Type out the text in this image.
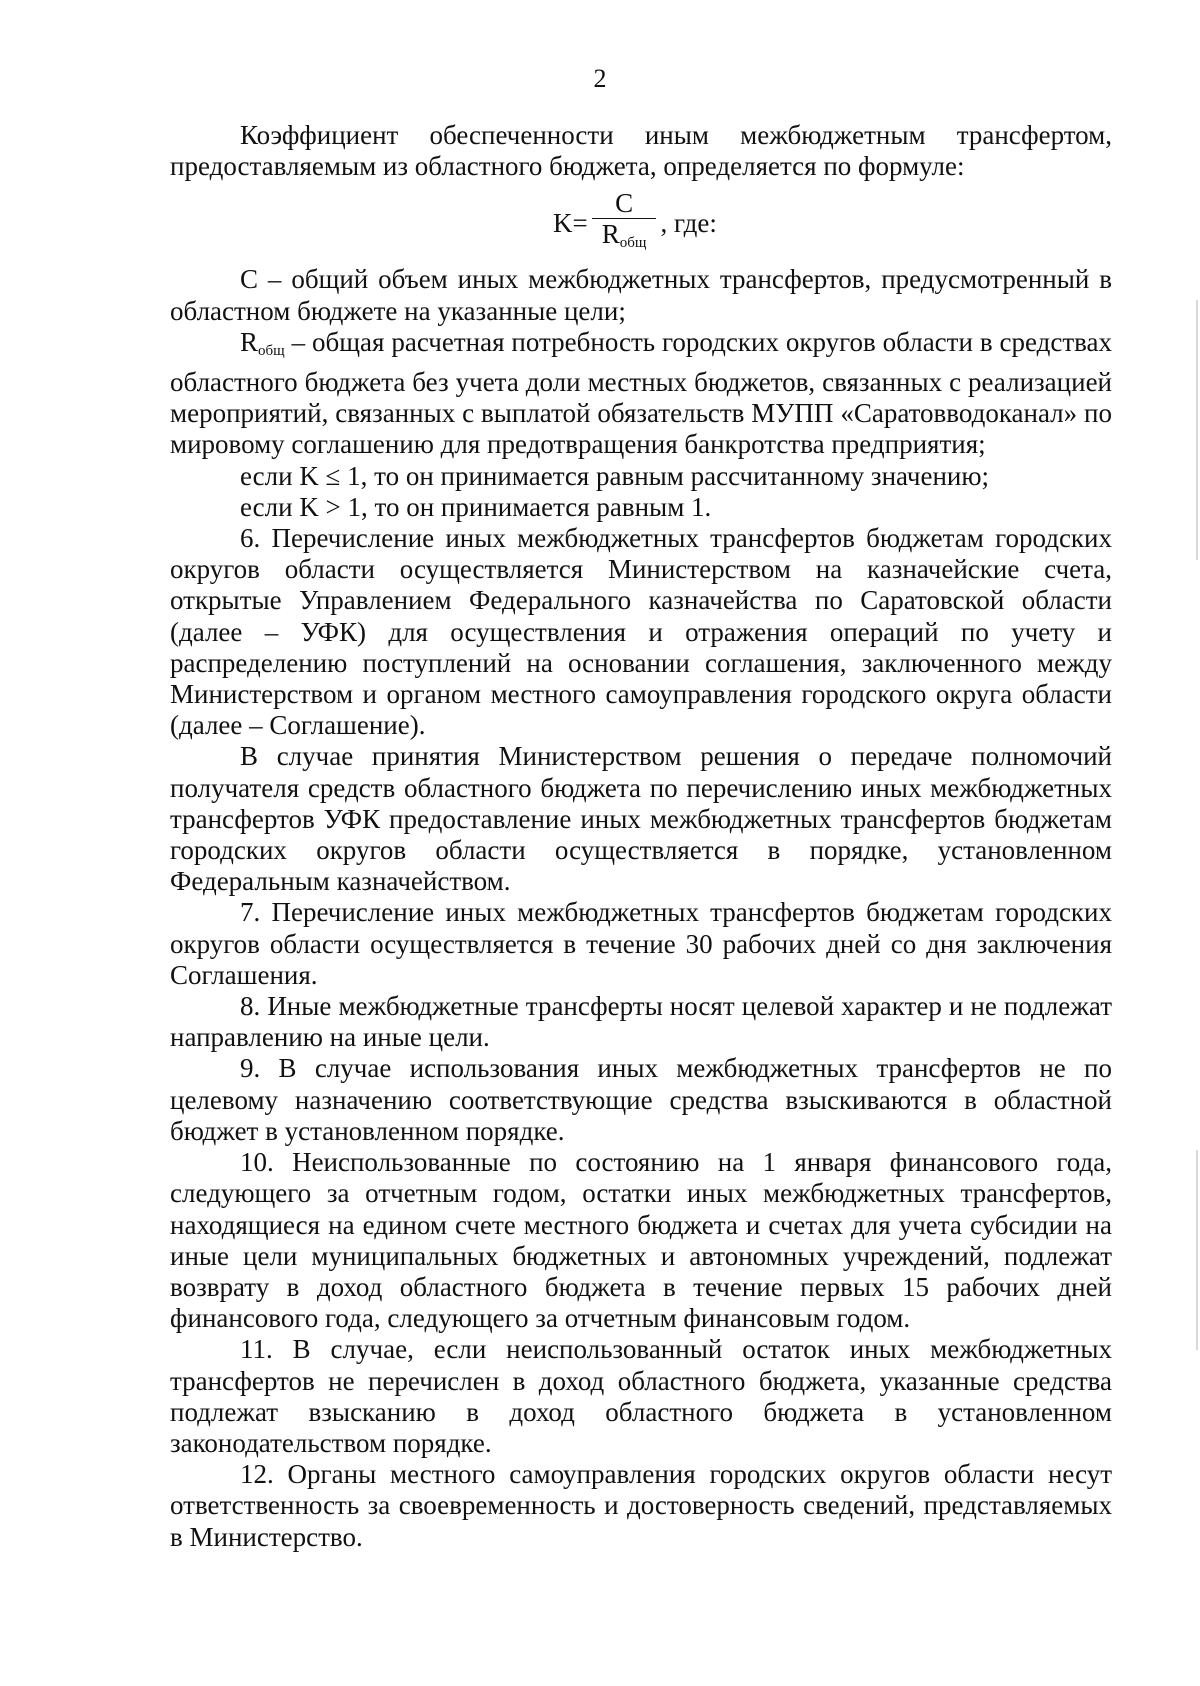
2

Коэффициент обеспеченности иным межбюджетным трансфертом, предоставляемым из областного бюджета, определяется по формуле:

$K= \frac{C}{R_{общ}}$ , где:

С – общий объем иных межбюджетных трансфертов, предусмотренный в областном бюджете на указанные цели;

$R_{общ}$ – общая расчетная потребность городских округов области в средствах областного бюджета без учета доли местных бюджетов, связанных с реализацией мероприятий, связанных с выплатой обязательств МУПП «Саратовводоканал» по мировому соглашению для предотвращения банкротства предприятия;

если K ≤ 1, то он принимается равным рассчитанному значению;

если K > 1, то он принимается равным 1.

6. Перечисление иных межбюджетных трансфертов бюджетам городских округов области осуществляется Министерством на казначейские счета, открытые Управлением Федерального казначейства по Саратовской области (далее – УФК) для осуществления и отражения операций по учету и распределению поступлений на основании соглашения, заключенного между Министерством и органом местного самоуправления городского округа области (далее – Соглашение).

В случае принятия Министерством решения о передаче полномочий получателя средств областного бюджета по перечислению иных межбюджетных трансфертов УФК предоставление иных межбюджетных трансфертов бюджетам городских округов области осуществляется в порядке, установленном Федеральным казначейством.

7. Перечисление иных межбюджетных трансфертов бюджетам городских округов области осуществляется в течение 30 рабочих дней со дня заключения Соглашения.

8. Иные межбюджетные трансферты носят целевой характер и не подлежат направлению на иные цели.

9. В случае использования иных межбюджетных трансфертов не по целевому назначению соответствующие средства взыскиваются в областной бюджет в установленном порядке.

10. Неиспользованные по состоянию на 1 января финансового года, следующего за отчетным годом, остатки иных межбюджетных трансфертов, находящиеся на едином счете местного бюджета и счетах для учета субсидии на иные цели муниципальных бюджетных и автономных учреждений, подлежат возврату в доход областного бюджета в течение первых 15 рабочих дней финансового года, следующего за отчетным финансовым годом.

11. В случае, если неиспользованный остаток иных межбюджетных трансфертов не перечислен в доход областного бюджета, указанные средства подлежат взысканию в доход областного бюджета в установленном законодательством порядке.

12. Органы местного самоуправления городских округов области несут ответственность за своевременность и достоверность сведений, представляемых в Министерство.
